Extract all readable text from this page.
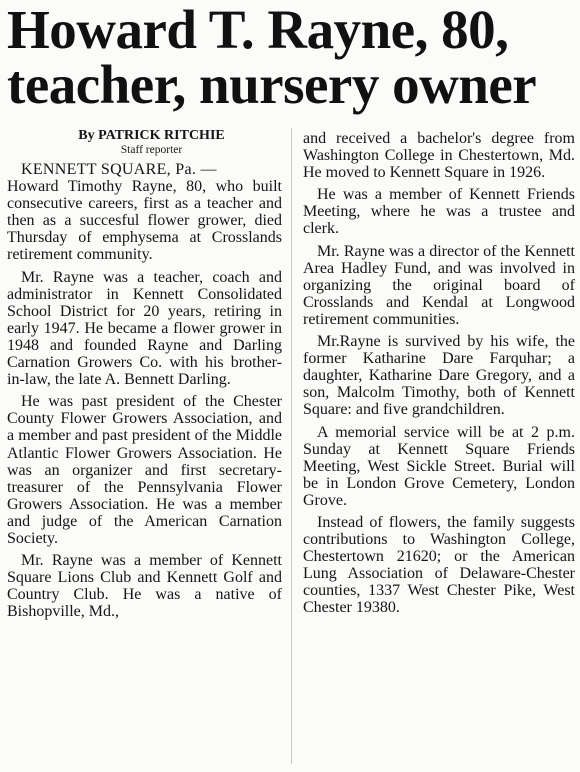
Howard T. Rayne, 80,
teacher, nursery owner
By PATRICK RITCHIE
Staff reporter
KENNETT SQUARE, Pa. —

Howard Timothy Rayne, 80, who built consecutive careers, first as a teacher and then as a succesful flower grower, died Thursday of emphysema at Crosslands retirement community.

Mr. Rayne was a teacher, coach and administrator in Kennett Consolidated School District for 20 years, retiring in early 1947. He became a flower grower in 1948 and founded Rayne and Darling Carnation Growers Co. with his brother-in-law, the late A. Bennett Darling.

He was past president of the Chester County Flower Growers Association, and a member and past president of the Middle Atlantic Flower Growers Association. He was an organizer and first secretary-treasurer of the Pennsylvania Flower Growers Association. He was a member and judge of the American Carnation Society.

Mr. Rayne was a member of Kennett Square Lions Club and Kennett Golf and Country Club. He was a native of Bishopville, Md.,

and received a bachelor's degree from Washington College in Chestertown, Md. He moved to Kennett Square in 1926.

He was a member of Kennett Friends Meeting, where he was a trustee and clerk.

Mr. Rayne was a director of the Kennett Area Hadley Fund, and was involved in organizing the original board of Crosslands and Kendal at Longwood retirement communities.

Mr.Rayne is survived by his wife, the former Katharine Dare Farquhar; a daughter, Katharine Dare Gregory, and a son, Malcolm Timothy, both of Kennett Square: and five grandchildren.

A memorial service will be at 2 p.m. Sunday at Kennett Square Friends Meeting, West Sickle Street. Burial will be in London Grove Cemetery, London Grove.

Instead of flowers, the family suggests contributions to Washington College, Chestertown 21620; or the American Lung Association of Delaware-Chester counties, 1337 West Chester Pike, West Chester 19380.
